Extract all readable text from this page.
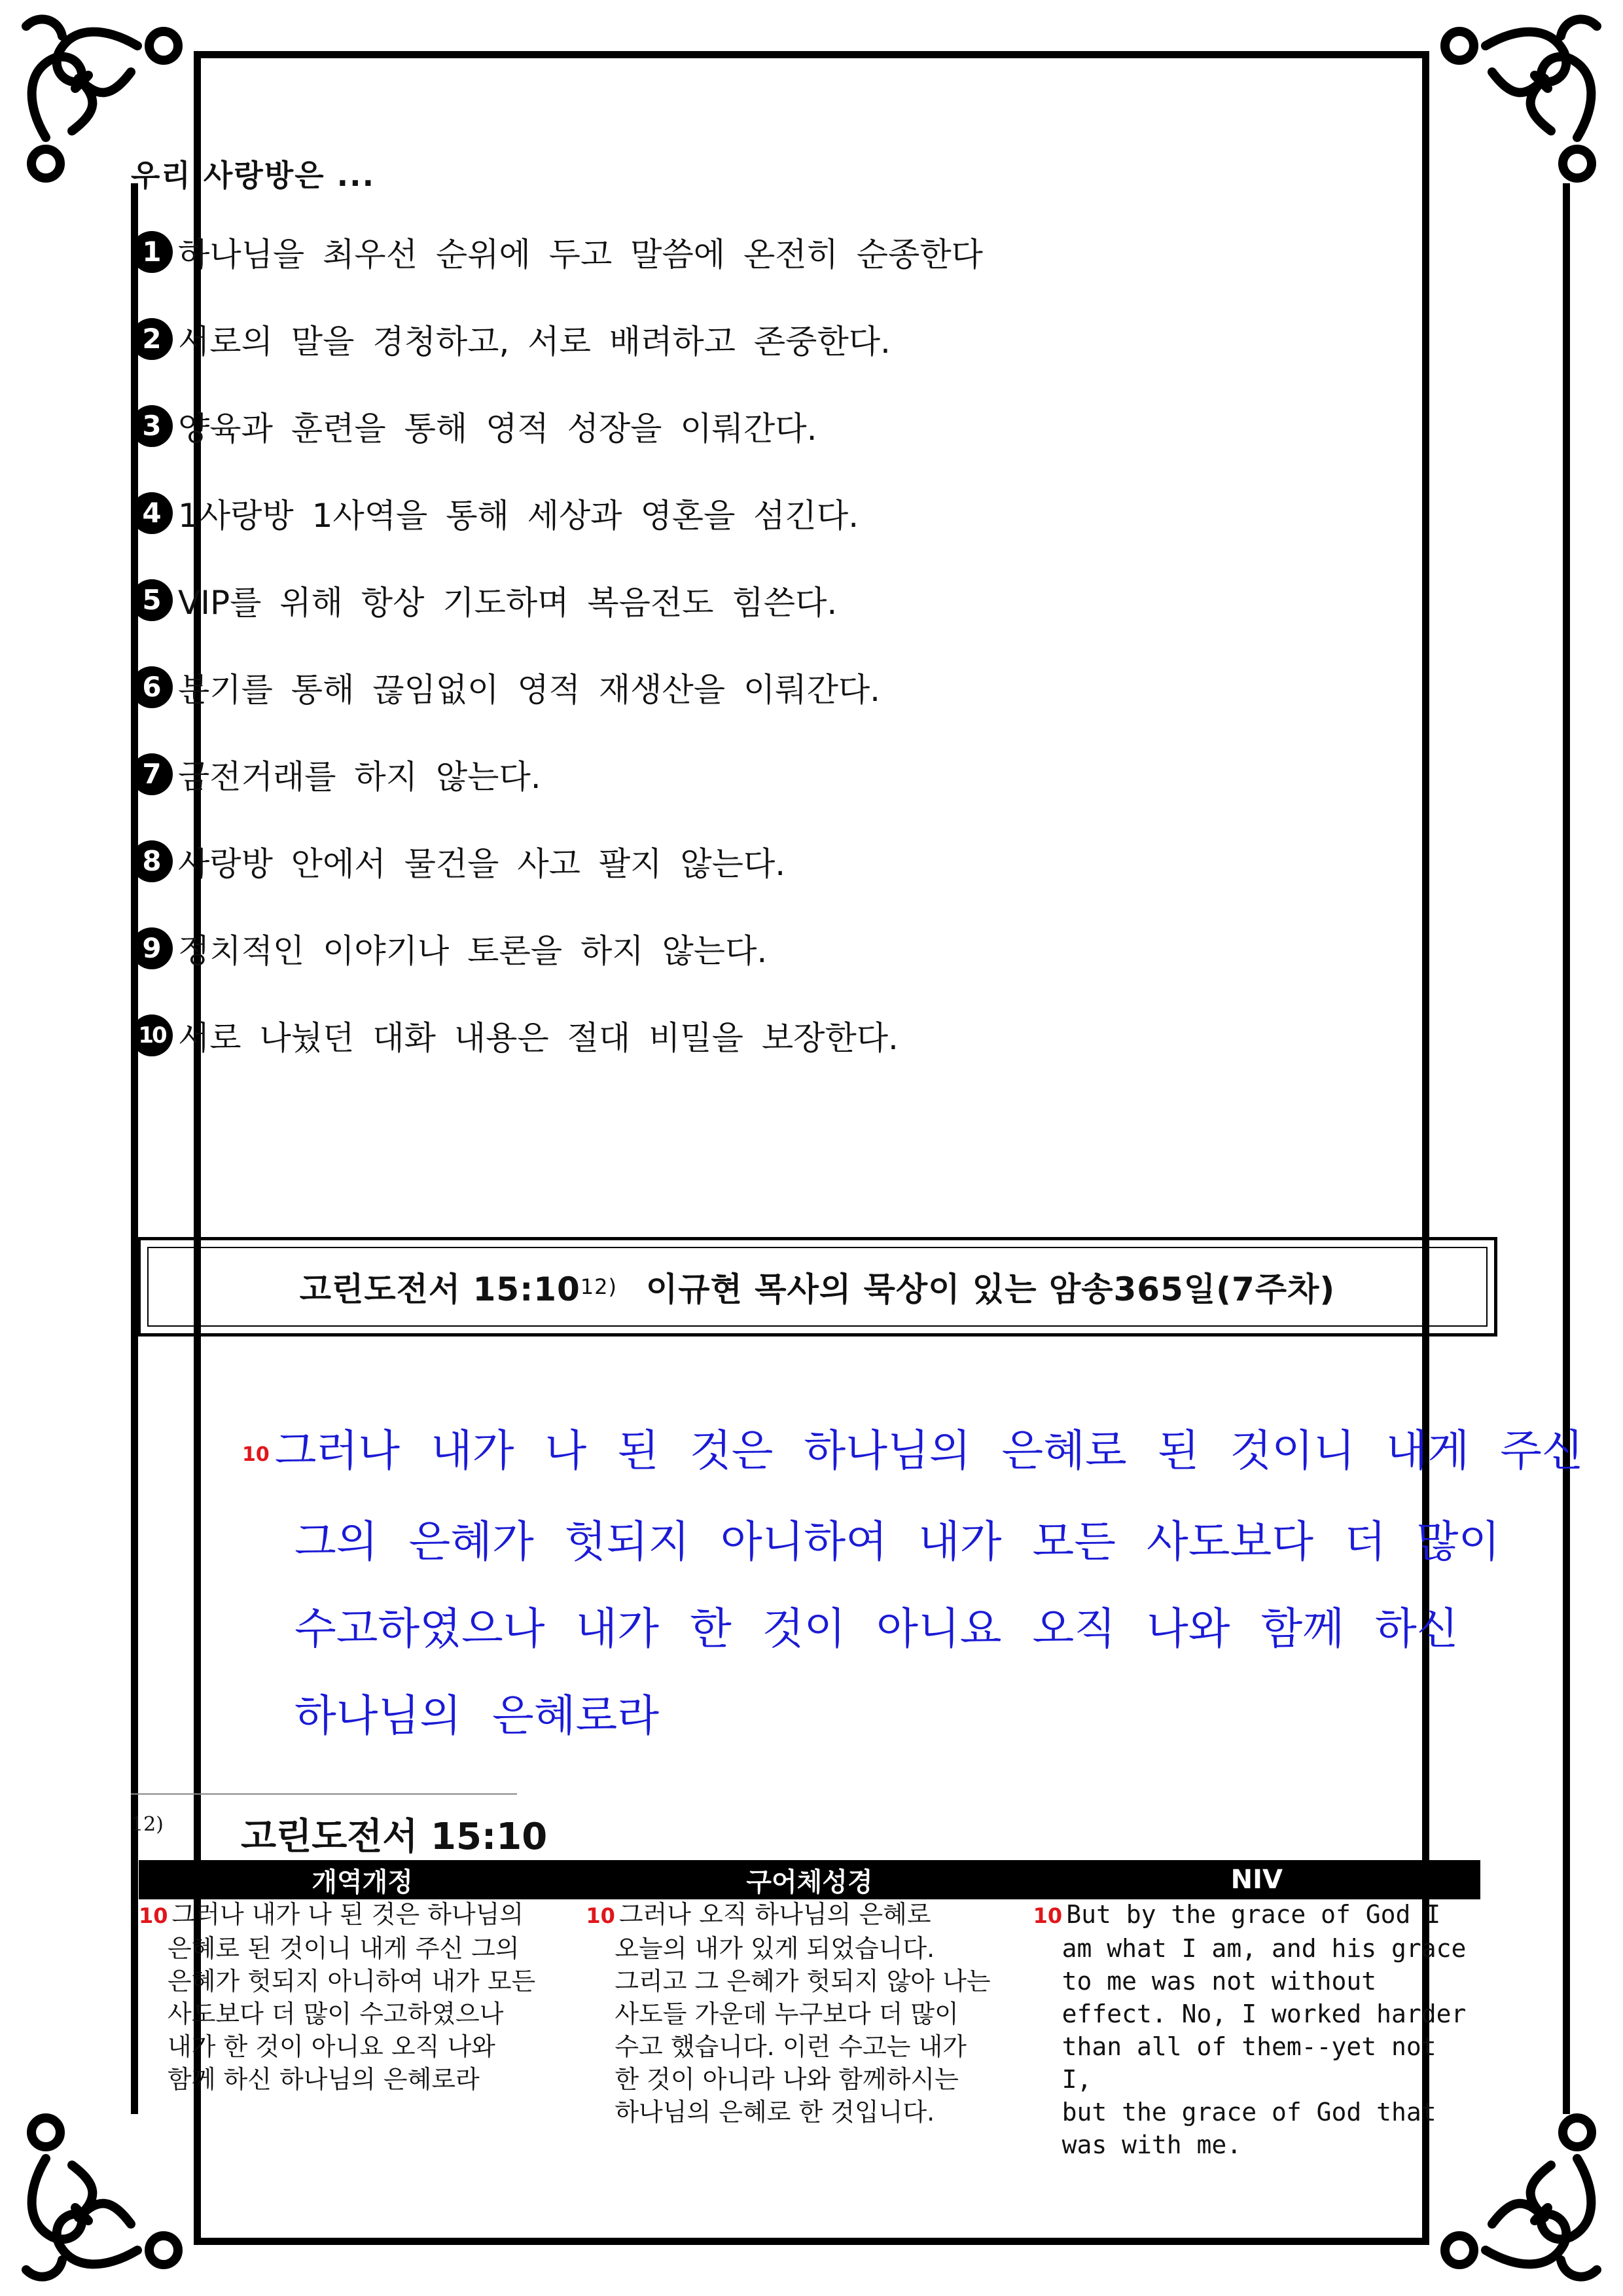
우리 사랑방은 ...
1 하나님을 최우선 순위에 두고 말씀에 온전히 순종한다
2 서로의 말을 경청하고, 서로 배려하고 존중한다.
3 양육과 훈련을 통해 영적 성장을 이뤄간다.
4 1사랑방 1사역을 통해 세상과 영혼을 섬긴다.
5 VIP를 위해 항상 기도하며 복음전도 힘쓴다.
6 분기를 통해 끊임없이 영적 재생산을 이뤄간다.
7 금전거래를 하지 않는다.
8 사랑방 안에서 물건을 사고 팔지 않는다.
9 정치적인 이야기나 토론을 하지 않는다.
10 서로 나눴던 대화 내용은 절대 비밀을 보장한다.
고린도전서 15:10 12) 이규현 목사의 묵상이 있는 암송365일(7주차)
10 그러나 내가 나 된 것은 하나님의 은혜로 된 것이니 내게 주신
그의 은혜가 헛되지 아니하여 내가 모든 사도보다 더 많이
수고하였으나 내가 한 것이 아니요 오직 나와 함께 하신
하나님의 은혜로라
12) 고린도전서 15:10
개역개정	구어체성경	NIV
10 그러나 내가 나 된 것은 하나님의
은혜로 된 것이니 내게 주신 그의
은혜가 헛되지 아니하여 내가 모든
사도보다 더 많이 수고하였으나
내가 한 것이 아니요 오직 나와
함께 하신 하나님의 은혜로라
10 그러나 오직 하나님의 은혜로
오늘의 내가 있게 되었습니다.
그리고 그 은혜가 헛되지 않아 나는
사도들 가운데 누구보다 더 많이
수고 했습니다. 이런 수고는 내가
한 것이 아니라 나와 함께하시는
하나님의 은혜로 한 것입니다.
10 But by the grace of God I
am what I am, and his grace
to me was not without
effect. No, I worked harder
than all of them--yet not I,
but the grace of God that
was with me.
